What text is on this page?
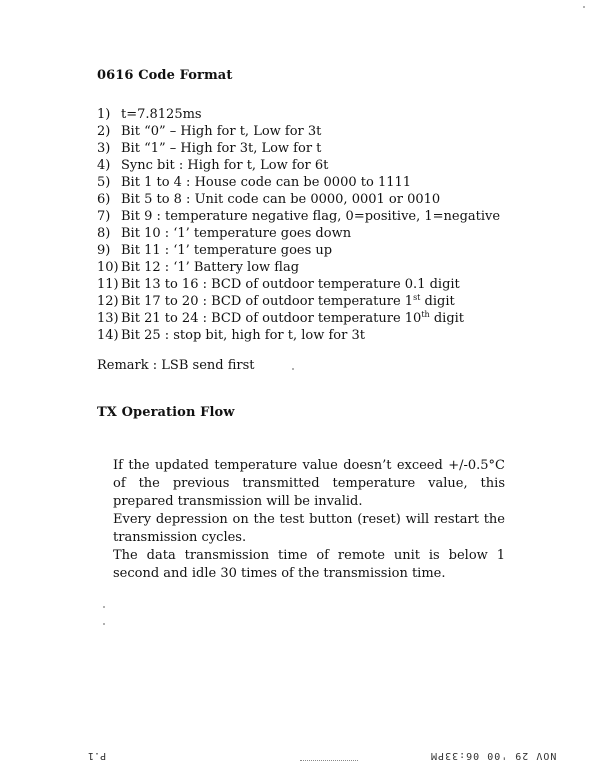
0616 Code Format
1) t=7.8125ms
2) Bit “0” – High for t, Low for 3t
3) Bit “1” – High for 3t, Low for t
4) Sync bit : High for t, Low for 6t
5) Bit 1 to 4 : House code can be 0000 to 1111
6) Bit 5 to 8 : Unit code can be 0000, 0001 or 0010
7) Bit 9 : temperature negative flag, 0=positive, 1=negative
8) Bit 10 : ‘1’ temperature goes down
9) Bit 11 : ‘1’ temperature goes up
10) Bit 12 : ‘1’ Battery low flag
11) Bit 13 to 16 : BCD of outdoor temperature 0.1 digit
12) Bit 17 to 20 : BCD of outdoor temperature 1st digit
13) Bit 21 to 24 : BCD of outdoor temperature 10th digit
14) Bit 25 : stop bit, high for t, low for 3t
Remark : LSB send first
TX Operation Flow

If the updated temperature value doesn’t exceed +/-0.5°C of the previous transmitted temperature value, this prepared transmission will be invalid.

Every depression on the test button (reset) will restart the transmission cycles.

The data transmission time of remote unit is below 1 second and idle 30 times of the transmission time.

P.1	NOV 29 '00 06:33PM
